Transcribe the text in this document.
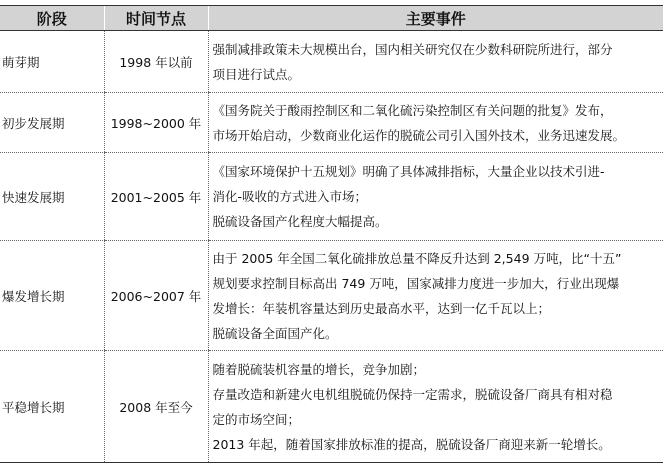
阶段	时间节点	主要事件
萌芽期	1998 年以前	强制减排政策未大规模出台，国内相关研究仅在少数科研院所进行，部分
项目进行试点。

初步发展期	1998~2000 年	《国务院关于酸雨控制区和二氧化硫污染控制区有关问题的批复》发布，
市场开始启动，少数商业化运作的脱硫公司引入国外技术，业务迅速发展。

快速发展期	2001~2005 年	《国家环境保护十五规划》明确了具体减排指标，大量企业以技术引进-
消化-吸收的方式进入市场；
脱硫设备国产化程度大幅提高。

爆发增长期	2006~2007 年	由于 2005 年全国二氧化硫排放总量不降反升达到 2,549 万吨，比“十五”
规划要求控制目标高出 749 万吨，国家减排力度进一步加大，行业出现爆
发增长：年装机容量达到历史最高水平，达到一亿千瓦以上；
脱硫设备全面国产化。

平稳增长期	2008 年至今	随着脱硫装机容量的增长，竞争加剧；
存量改造和新建火电机组脱硫仍保持一定需求，脱硫设备厂商具有相对稳
定的市场空间；
2013 年起，随着国家排放标准的提高，脱硫设备厂商迎来新一轮增长。
